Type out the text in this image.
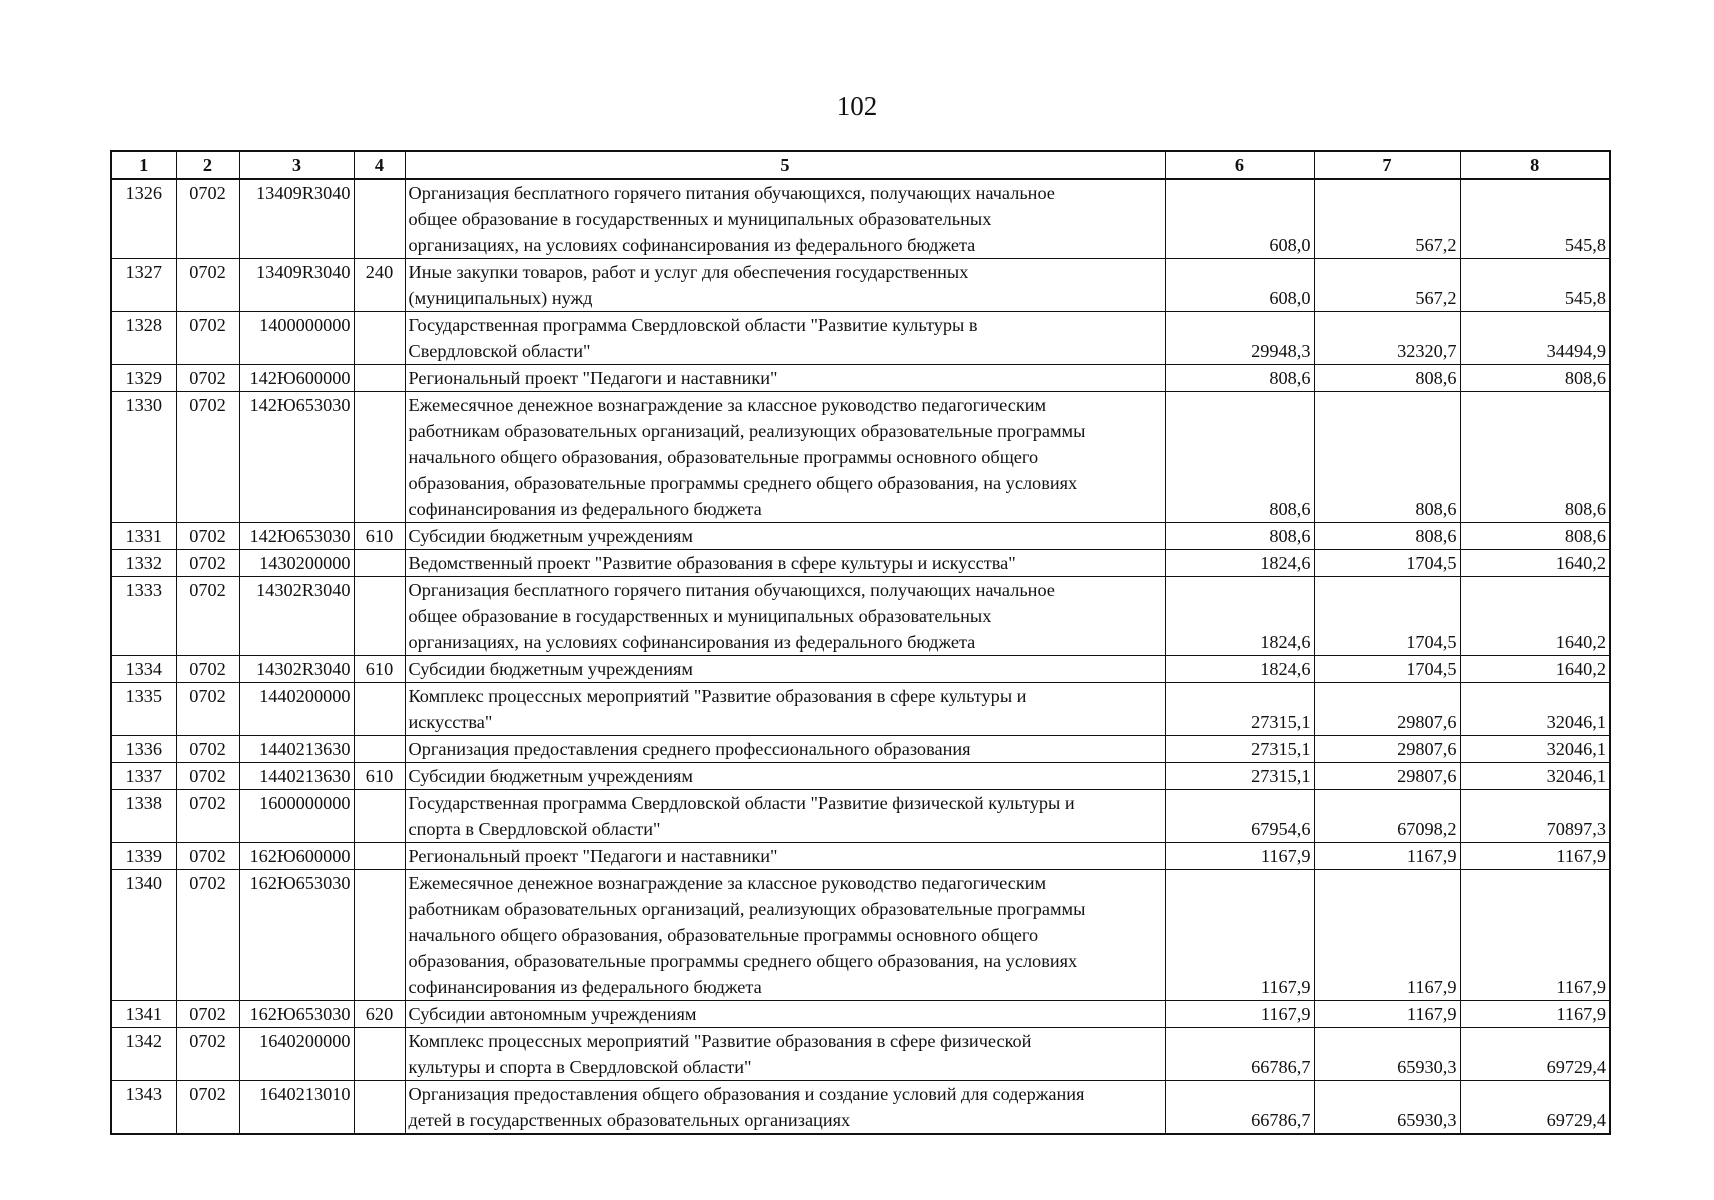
102
1	2	3	4	5	6	7	8
1326	0702	13409R3040		Организация бесплатного горячего питания обучающихся, получающих начальное
общее образование в государственных и муниципальных образовательных
организациях, на условиях софинансирования из федерального бюджета	608,0	567,2	545,8
1327	0702	13409R3040	240	Иные закупки товаров, работ и услуг для обеспечения государственных
(муниципальных) нужд	608,0	567,2	545,8
1328	0702	1400000000		Государственная программа Свердловской области "Развитие культуры в
Свердловской области"	29948,3	32320,7	34494,9
1329	0702	142Ю600000		Региональный проект "Педагоги и наставники"	808,6	808,6	808,6
1330	0702	142Ю653030		Ежемесячное денежное вознаграждение за классное руководство педагогическим
работникам образовательных организаций, реализующих образовательные программы
начального общего образования, образовательные программы основного общего
образования, образовательные программы среднего общего образования, на условиях
софинансирования из федерального бюджета	808,6	808,6	808,6
1331	0702	142Ю653030	610	Субсидии бюджетным учреждениям	808,6	808,6	808,6
1332	0702	1430200000		Ведомственный проект "Развитие образования в сфере культуры и искусства"	1824,6	1704,5	1640,2
1333	0702	14302R3040		Организация бесплатного горячего питания обучающихся, получающих начальное
общее образование в государственных и муниципальных образовательных
организациях, на условиях софинансирования из федерального бюджета	1824,6	1704,5	1640,2
1334	0702	14302R3040	610	Субсидии бюджетным учреждениям	1824,6	1704,5	1640,2
1335	0702	1440200000		Комплекс процессных мероприятий "Развитие образования в сфере культуры и
искусства"	27315,1	29807,6	32046,1
1336	0702	1440213630		Организация предоставления среднего профессионального образования	27315,1	29807,6	32046,1
1337	0702	1440213630	610	Субсидии бюджетным учреждениям	27315,1	29807,6	32046,1
1338	0702	1600000000		Государственная программа Свердловской области "Развитие физической культуры и
спорта в Свердловской области"	67954,6	67098,2	70897,3
1339	0702	162Ю600000		Региональный проект "Педагоги и наставники"	1167,9	1167,9	1167,9
1340	0702	162Ю653030		Ежемесячное денежное вознаграждение за классное руководство педагогическим
работникам образовательных организаций, реализующих образовательные программы
начального общего образования, образовательные программы основного общего
образования, образовательные программы среднего общего образования, на условиях
софинансирования из федерального бюджета	1167,9	1167,9	1167,9
1341	0702	162Ю653030	620	Субсидии автономным учреждениям	1167,9	1167,9	1167,9
1342	0702	1640200000		Комплекс процессных мероприятий "Развитие образования в сфере физической
культуры и спорта в Свердловской области"	66786,7	65930,3	69729,4
1343	0702	1640213010		Организация предоставления общего образования и создание условий для содержания
детей в государственных образовательных организациях	66786,7	65930,3	69729,4
